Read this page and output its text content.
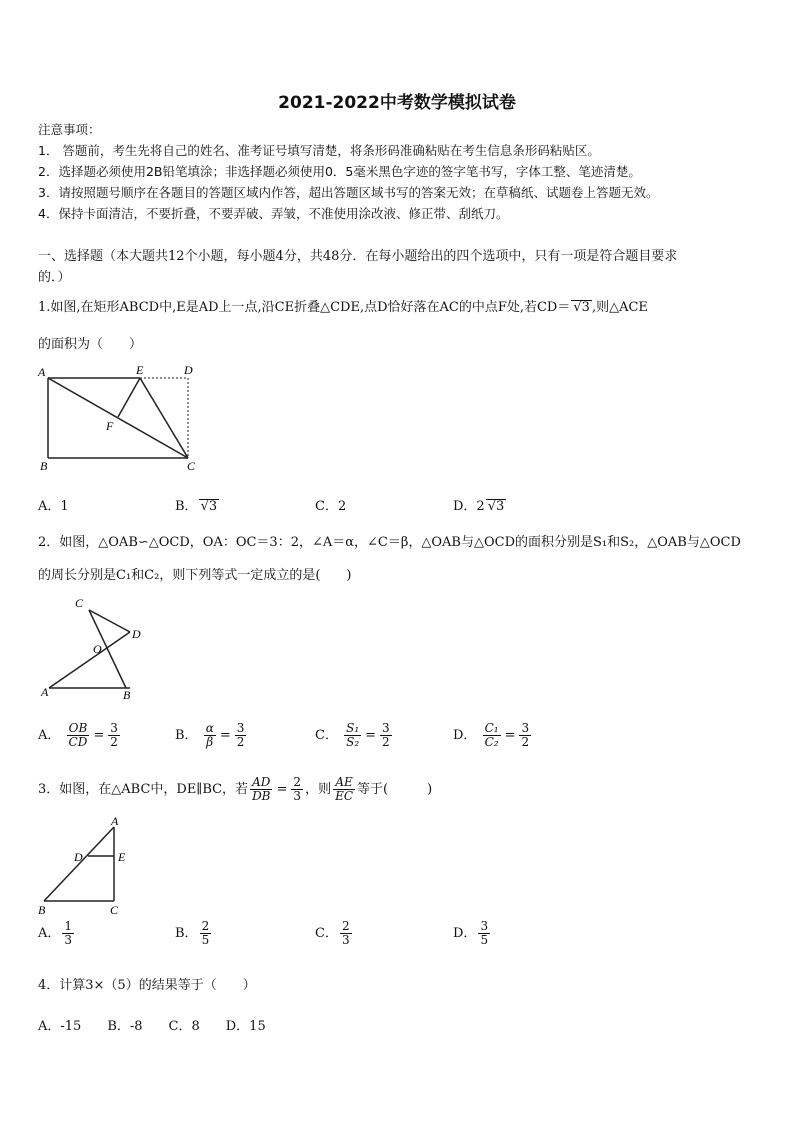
2021-2022中考数学模拟试卷
注意事项：
1． 答题前，考生先将自己的姓名、准考证号填写清楚，将条形码准确粘贴在考生信息条形码粘贴区。
2．选择题必须使用2B铅笔填涂；非选择题必须使用0．5毫米黑色字迹的签字笔书写，字体工整、笔迹清楚。
3．请按照题号顺序在各题目的答题区域内作答，超出答题区域书写的答案无效；在草稿纸、试题卷上答题无效。
4．保持卡面清洁，不要折叠，不要弄破、弄皱，不准使用涂改液、修正带、刮纸刀。
一、选择题（本大题共12个小题，每小题4分，共48分．在每小题给出的四个选项中，只有一项是符合题目要求
的．）
1.如图,在矩形ABCD中,E是AD上一点,沿CE折叠△CDE,点D恰好落在AC的中点F处,若CD＝ √3 ,则△ACE
的面积为（　　）
A	E	D
F
B	C
A．1	B． √3	C．2	D．2 √3
2．如图，△OAB∽△OCD，OA：OC＝3：2，∠A＝α，∠C＝β，△OAB与△OCD的面积分别是S₁和S₂，△OAB与△OCD
的周长分别是C₁和C₂，则下列等式一定成立的是(　　)
C
D
O
A	B
A． $\frac{OB}{CD} = \frac{3}{2}$	B． $\frac{\alpha}{\beta} = \frac{3}{2}$	C． $\frac{\text{S₁}}{\text{S₂}} = \frac{3}{2}$	D． $\frac{\text{C₁}}{\text{C₂}} = \frac{3}{2}$
3．如图，在△ABC中，DE∥BC，若 $\frac{AD}{DB} = \frac{2}{3}$ ，则 $\frac{AE}{EC}$ 等于(　　　)
A
D	E
B	C
A． $\frac{1}{3}$	B． $\frac{2}{5}$	C． $\frac{2}{3}$	D． $\frac{3}{5}$
4．计算3×（5）的结果等于（　　）
A．-15　　B．-8　　C．8　　D．15
